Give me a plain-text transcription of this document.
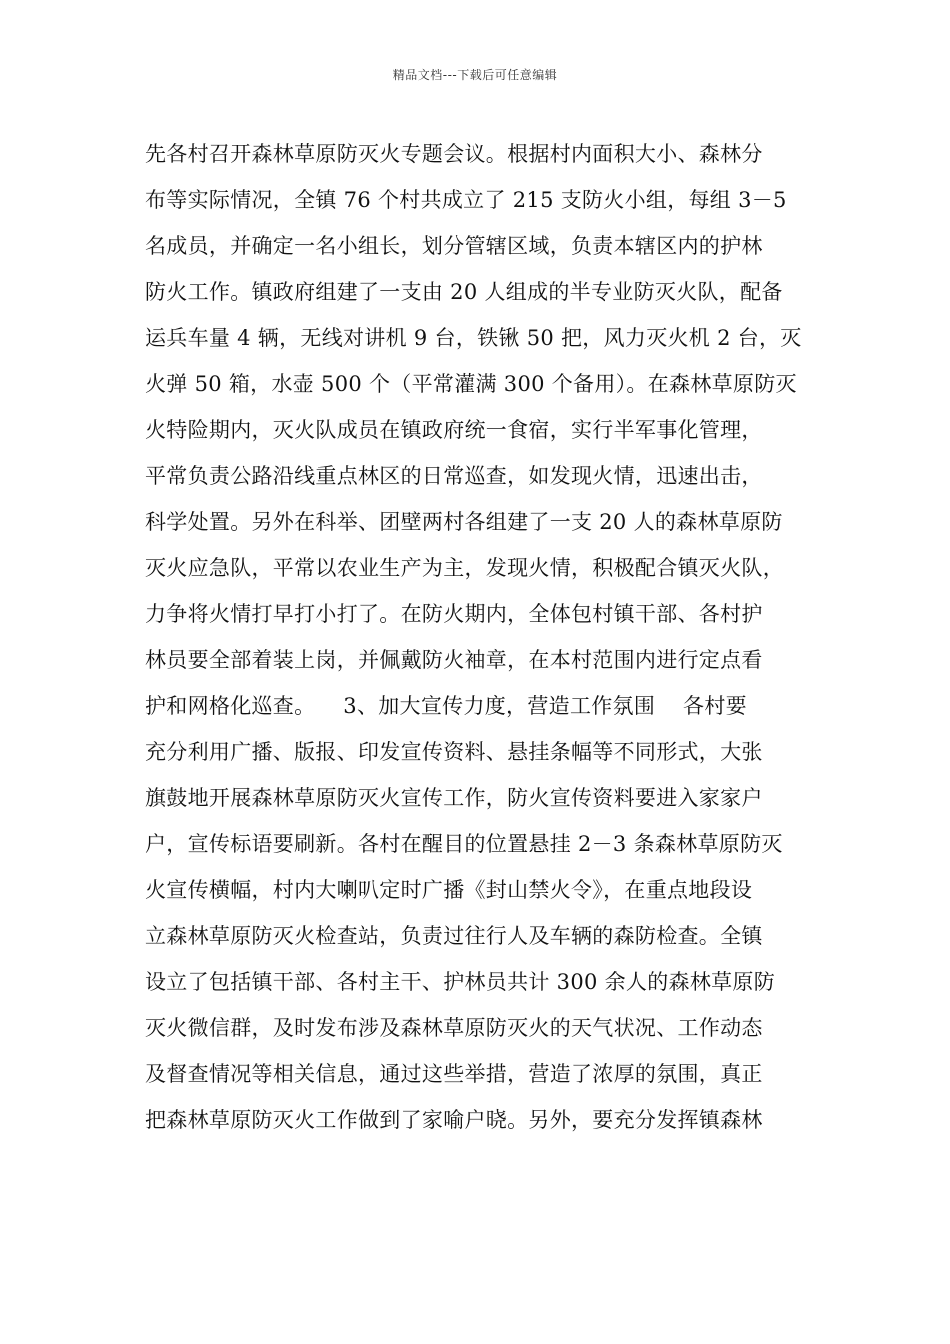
精品文档---下载后可任意编辑
先各村召开森林草原防灭火专题会议。根据村内面积大小、森林分
布等实际情况，全镇 76 个村共成立了 215 支防火小组，每组 3－5
名成员，并确定一名小组长，划分管辖区域，负责本辖区内的护林
防火工作。镇政府组建了一支由 20 人组成的半专业防灭火队，配备
运兵车量 4 辆，无线对讲机 9 台，铁锹 50 把，风力灭火机 2 台，灭
火弹 50 箱，水壶 500 个（平常灌满 300 个备用）。在森林草原防灭
火特险期内，灭火队成员在镇政府统一食宿，实行半军事化管理，
平常负责公路沿线重点林区的日常巡查，如发现火情，迅速出击，
科学处置。另外在科举、团壁两村各组建了一支 20 人的森林草原防
灭火应急队，平常以农业生产为主，发现火情，积极配合镇灭火队，
力争将火情打早打小打了。在防火期内，全体包村镇干部、各村护
林员要全部着装上岗，并佩戴防火袖章，在本村范围内进行定点看
护和网格化巡查。    3、加大宣传力度，营造工作氛围    各村要
充分利用广播、版报、印发宣传资料、悬挂条幅等不同形式，大张
旗鼓地开展森林草原防灭火宣传工作，防火宣传资料要进入家家户
户，宣传标语要刷新。各村在醒目的位置悬挂 2－3 条森林草原防灭
火宣传横幅，村内大喇叭定时广播《封山禁火令》，在重点地段设
立森林草原防灭火检查站，负责过往行人及车辆的森防检查。全镇
设立了包括镇干部、各村主干、护林员共计 300 余人的森林草原防
灭火微信群，及时发布涉及森林草原防灭火的天气状况、工作动态
及督查情况等相关信息，通过这些举措，营造了浓厚的氛围，真正
把森林草原防灭火工作做到了家喻户晓。另外，要充分发挥镇森林
